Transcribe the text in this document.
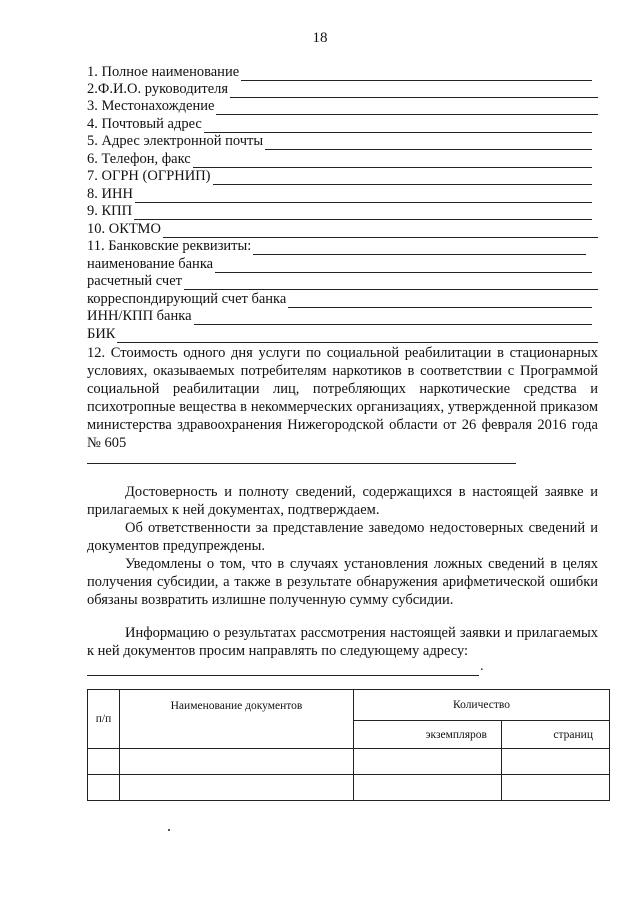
18
1. Полное наименование
2.Ф.И.О. руководителя
3. Местонахождение
4. Почтовый адрес
5. Адрес электронной почты
6. Телефон, факс
7. ОГРН (ОГРНИП)
8. ИНН
9. КПП
10. ОКТМО
11. Банковские реквизиты:
наименование банка
расчетный счет
корреспондирующий счет банка
ИНН/КПП банка
БИК
12. Стоимость одного дня услуги по социальной реабилитации в стационарных условиях, оказываемых потребителям наркотиков в соответствии с Программой социальной реабилитации лиц, потребляющих наркотические средства и психотропные вещества в некоммерческих организациях, утвержденной приказом министерства здравоохранения Нижегородской области от 26 февраля 2016 года № 605
Достоверность и полноту сведений, содержащихся в настоящей заявке и прилагаемых к ней документах, подтверждаем.
Об ответственности за представление заведомо недостоверных сведений и документов предупреждены.
Уведомлены о том, что в случаях установления ложных сведений в целях получения субсидии, а также в результате обнаружения арифметической ошибки обязаны возвратить излишне полученную сумму субсидии.
Информацию о результатах рассмотрения настоящей заявки и прилагаемых к ней документов просим направлять по следующему адресу:
.
п/п	Наименование документов	Количество	
		экземпляров	страниц
